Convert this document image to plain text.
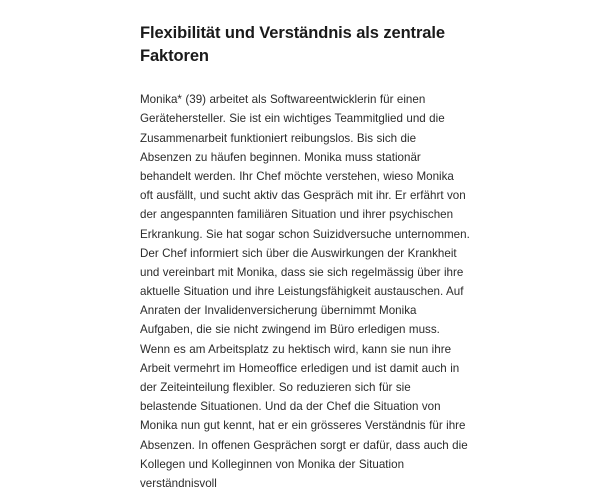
Flexibilität und Verständnis als zentrale Faktoren

Monika* (39) arbeitet als Softwareentwicklerin für einen Gerätehersteller. Sie ist ein wichtiges Teammitglied und die Zusammenarbeit funktioniert reibungslos. Bis sich die Absenzen zu häufen beginnen. Monika muss stationär behandelt werden. Ihr Chef möchte verstehen, wieso Monika oft ausfällt, und sucht aktiv das Gespräch mit ihr. Er erfährt von der angespannten familiären Situation und ihrer psychischen Erkrankung. Sie hat sogar schon Suizidversuche unternommen. Der Chef informiert sich über die Auswirkungen der Krankheit und vereinbart mit Monika, dass sie sich regelmässig über ihre aktuelle Situation und ihre Leistungsfähigkeit austauschen. Auf Anraten der Invalidenversicherung übernimmt Monika Aufgaben, die sie nicht zwingend im Büro erledigen muss. Wenn es am Arbeitsplatz zu hektisch wird, kann sie nun ihre Arbeit vermehrt im Homeoffice erledigen und ist damit auch in der Zeiteinteilung flexibler. So reduzieren sich für sie belastende Situationen. Und da der Chef die Situation von Monika nun gut kennt, hat er ein grösseres Verständnis für ihre Absenzen. In offenen Gesprächen sorgt er dafür, dass auch die Kollegen und Kolleginnen von Monika der Situation verständnisvoll
